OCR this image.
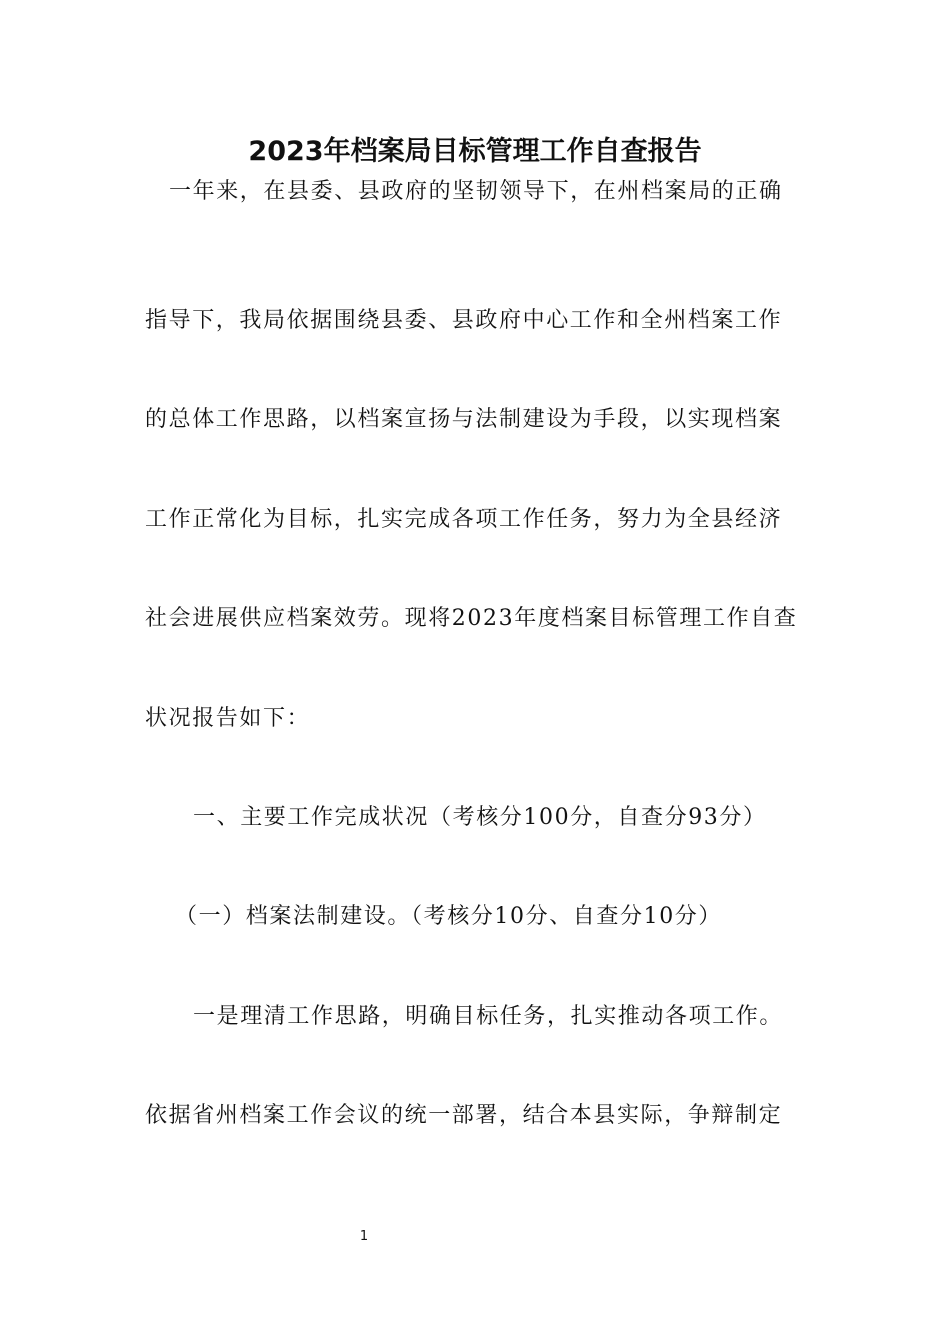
2023年档案局目标管理工作自查报告

一年来，在县委、县政府的坚韧领导下，在州档案局的正确

指导下，我局依据围绕县委、县政府中心工作和全州档案工作

的总体工作思路，以档案宣扬与法制建设为手段，以实现档案

工作正常化为目标，扎实完成各项工作任务，努力为全县经济

社会进展供应档案效劳。现将2023年度档案目标管理工作自查

状况报告如下：

一、主要工作完成状况（考核分100分，自查分93分）

（一）档案法制建设。（考核分10分、自查分10分）

一是理清工作思路，明确目标任务，扎实推动各项工作。

依据省州档案工作会议的统一部署，结合本县实际，争辩制定

1
